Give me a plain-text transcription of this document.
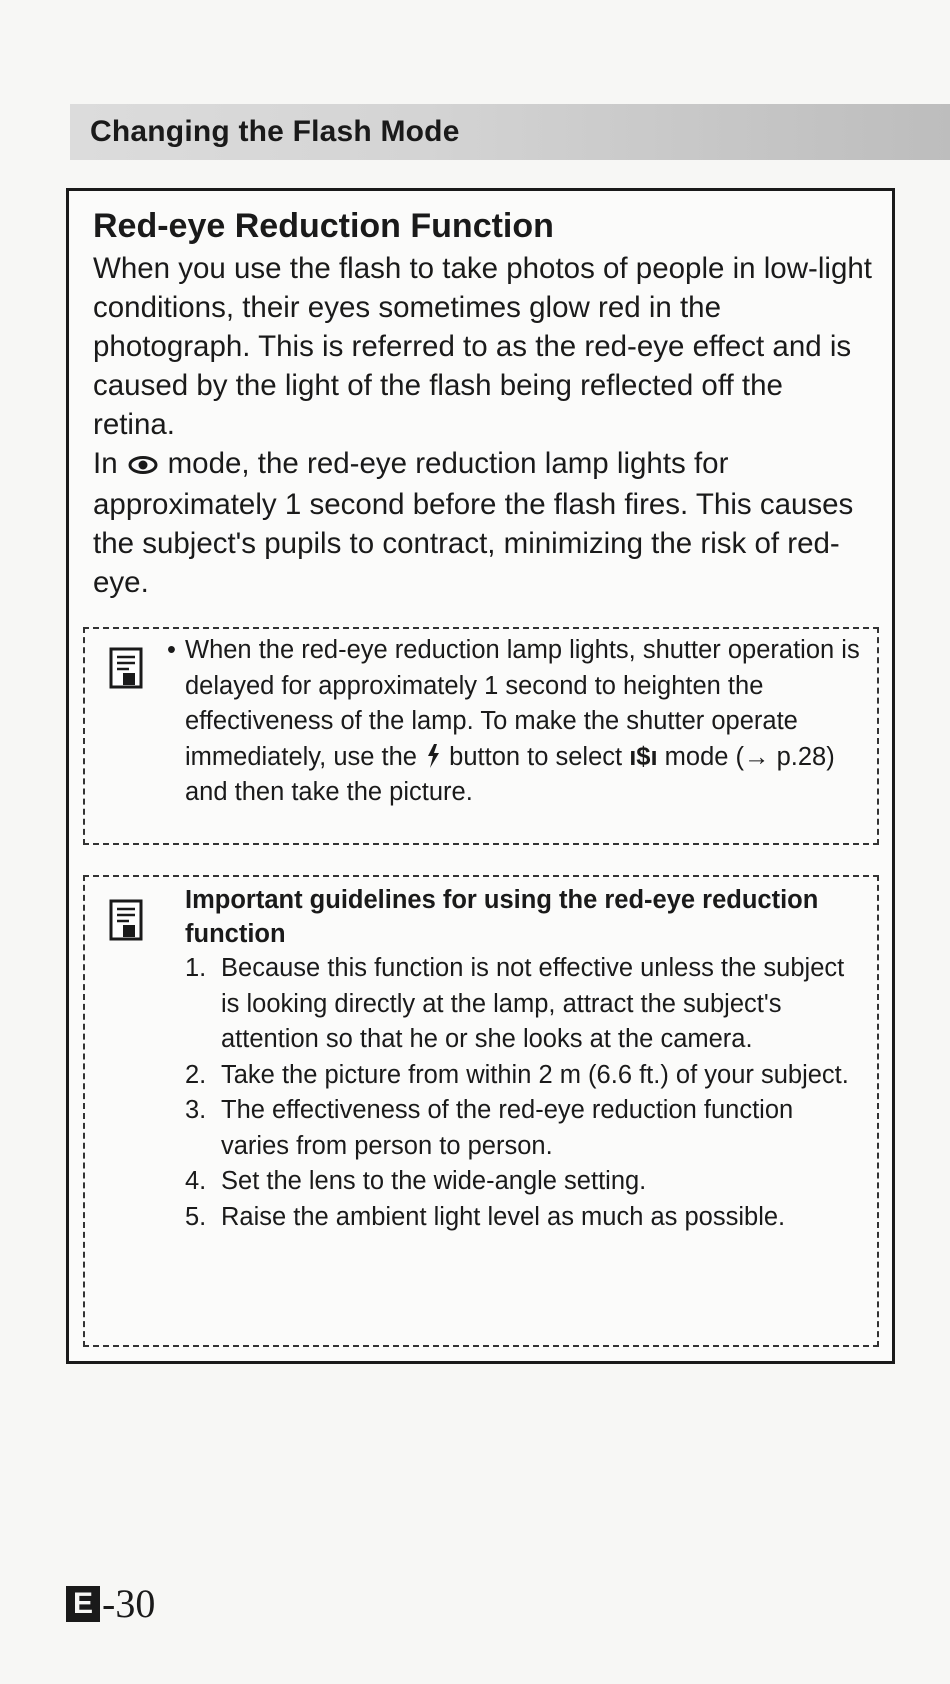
Changing the Flash Mode
Red-eye Reduction Function

When you use the flash to take photos of people in low-light conditions, their eyes sometimes glow red in the photograph. This is referred to as the red-eye effect and is caused by the light of the flash being reflected off the retina.

In mode, the red-eye reduction lamp lights for approximately 1 second before the flash fires. This causes the subject's pupils to contract, minimizing the risk of red-eye.

• When the red-eye reduction lamp lights, shutter operation is delayed for approximately 1 second to heighten the effectiveness of the lamp. To make the shutter operate immediately, use the button to select ı$ı mode (→ p.28) and then take the picture.
Important guidelines for using the red-eye reduction function
1. Because this function is not effective unless the subject is looking directly at the lamp, attract the subject's attention so that he or she looks at the camera.
2. Take the picture from within 2 m (6.6 ft.) of your subject.
3. The effectiveness of the red-eye reduction function varies from person to person.
4. Set the lens to the wide-angle setting.
5. Raise the ambient light level as much as possible.
E -30
